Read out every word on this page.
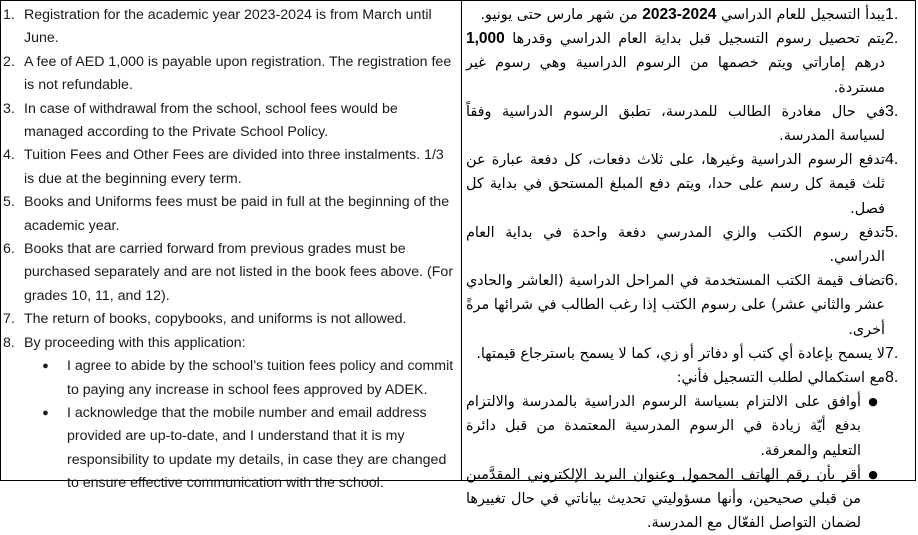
1. Registration for the academic year 2023-2024 is from March until June.
2. A fee of AED 1,000 is payable upon registration. The registration fee is not refundable.
3. In case of withdrawal from the school, school fees would be managed according to the Private School Policy.
4. Tuition Fees and Other Fees are divided into three instalments. 1/3 is due at the beginning every term.
5. Books and Uniforms fees must be paid in full at the beginning of the academic year.
6. Books that are carried forward from previous grades must be purchased separately and are not listed in the book fees above. (For grades 10, 11, and 12).
7. The return of books, copybooks, and uniforms is not allowed.
8. By proceeding with this application:
●	I agree to abide by the school’s tuition fees policy and commit to paying any increase in school fees approved by ADEK.
●	I acknowledge that the mobile number and email address provided are up-to-date, and I understand that it is my responsibility to update my details, in case they are changed to ensure effective communication with the school.
1.
يبدأ التسجيل للعام الدراسي 2023-2024 من شهر مارس حتى يونيو.
2.
يتم تحصيل رسوم التسجيل قبل بداية العام الدراسي وقدرها 1,000 درهم إماراتي ويتم خصمها من الرسوم الدراسية وهي رسوم غير مستردة.
3.
في حال مغادرة الطالب للمدرسة، تطبق الرسوم الدراسية وفقاً لسياسة المدرسة.
4.
تدفع الرسوم الدراسية وغيرها، على ثلاث دفعات، كل دفعة عبارة عن ثلث قيمة كل رسم على حدا، ويتم دفع المبلغ المستحق في بداية كل فصل.
5.
تدفع رسوم الكتب والزي المدرسي دفعة واحدة في بداية العام الدراسي.
6.
تضاف قيمة الكتب المستخدمة في المراحل الدراسية (العاشر والحادي عشر والثاني عشر) على رسوم الكتب إذا رغب الطالب في شرائها مرةً أخرى.
7.
لا يسمح بإعادة أي كتب أو دفاتر أو زي، كما لا يسمح باسترجاع قيمتها.
8.
مع استكمالي لطلب التسجيل فأني:
●
أوافق على الالتزام بسياسة الرسوم الدراسية بالمدرسة والالتزام بدفع أيّة زيادة في الرسوم المدرسية المعتمدة من قبل دائرة التعليم والمعرفة.
●
أقر بأن رقم الهاتف المحمول وعنوان البريد الإلكتروني المقدَّمين من قبلي صحيحين، وأنها مسؤوليتي تحديث بياناتي في حال تغييرها لضمان التواصل الفعّال مع المدرسة.
